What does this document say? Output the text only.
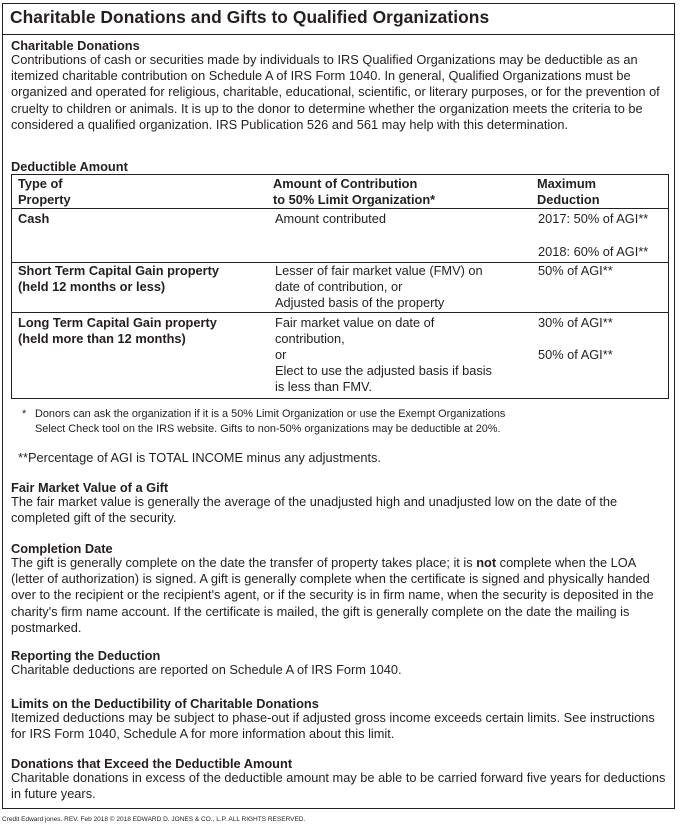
Charitable Donations and Gifts to Qualified Organizations
Charitable Donations

Contributions of cash or securities made by individuals to IRS Qualified Organizations may be deductible as an itemized charitable contribution on Schedule A of IRS Form 1040. In general, Qualified Organizations must be organized and operated for religious, charitable, educational, scientific, or literary purposes, or for the prevention of cruelty to children or animals. It is up to the donor to determine whether the organization meets the criteria to be considered a qualified organization. IRS Publication 526 and 561 may help with this determination.

Deductible Amount

Type of

Property

Amount of Contribution

to 50% Limit Organization*

Maximum

Deduction

Cash	Amount contributed	2017: 50% of AGI**

2018: 60% of AGI**

Short Term Capital Gain property

(held 12 months or less)

Lesser of fair market value (FMV) on

date of contribution, or

Adjusted basis of the property

50% of AGI**

Long Term Capital Gain property

(held more than 12 months)

Fair market value on date of

contribution,

or

Elect to use the adjusted basis if basis

is less than FMV.

30% of AGI**

50% of AGI**

* Donors can ask the organization if it is a 50% Limit Organization or use the Exempt Organizations

Select Check tool on the IRS website. Gifts to non-50% organizations may be deductible at 20%.

**Percentage of AGI is TOTAL INCOME minus any adjustments.

Fair Market Value of a Gift

The fair market value is generally the average of the unadjusted high and unadjusted low on the date of the completed gift of the security.

Completion Date

The gift is generally complete on the date the transfer of property takes place; it is not complete when the LOA (letter of authorization) is signed. A gift is generally complete when the certificate is signed and physically handed over to the recipient or the recipient's agent, or if the security is in firm name, when the security is deposited in the charity's firm name account. If the certificate is mailed, the gift is generally complete on the date the mailing is postmarked.

Reporting the Deduction

Charitable deductions are reported on Schedule A of IRS Form 1040.

Limits on the Deductibility of Charitable Donations

Itemized deductions may be subject to phase-out if adjusted gross income exceeds certain limits. See instructions for IRS Form 1040, Schedule A for more information about this limit.

Donations that Exceed the Deductible Amount

Charitable donations in excess of the deductible amount may be able to be carried forward five years for deductions in future years.

Credit Edward jones. REV. Feb 2018 © 2018 EDWARD D. JONES & CO., L.P. ALL RIGHTS RESERVED.
